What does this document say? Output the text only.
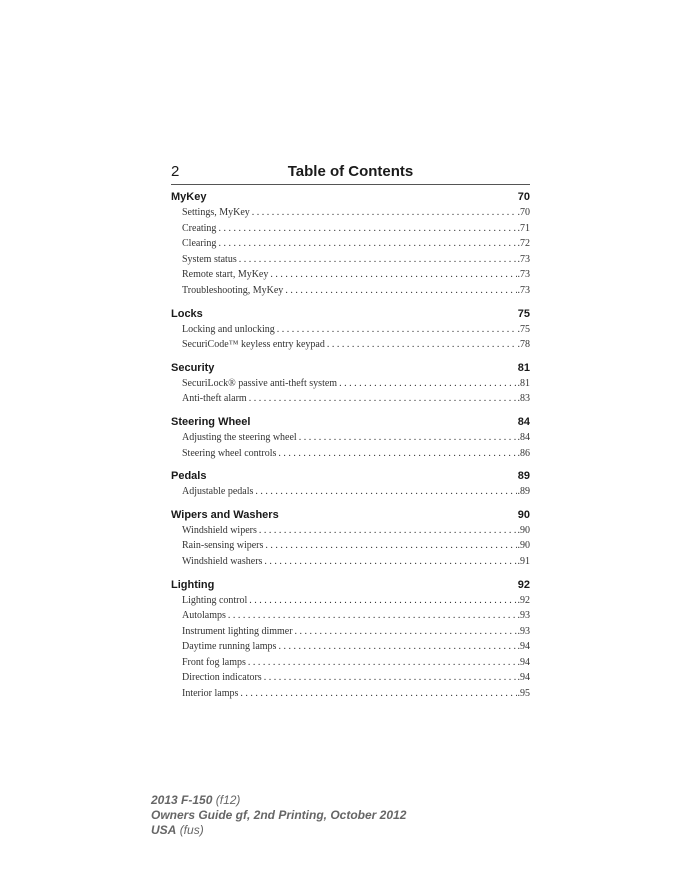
2	Table of Contents
MyKey	70
Settings, MyKey . . .	.70
Creating . . .	.71
Clearing . . .	.72
System status . . .	.73
Remote start, MyKey . . .	.73
Troubleshooting, MyKey . . .	.73
Locks	75
Locking and unlocking . . .	.75
SecuriCode™ keyless entry keypad . . .	.78
Security	81
SecuriLock® passive anti-theft system . . .	.81
Anti-theft alarm . . .	.83
Steering Wheel	84
Adjusting the steering wheel . . .	.84
Steering wheel controls . . .	.86
Pedals	89
Adjustable pedals . . .	.89
Wipers and Washers	90
Windshield wipers . . .	.90
Rain-sensing wipers . . .	.90
Windshield washers . . .	.91
Lighting	92
Lighting control . . .	.92
Autolamps . . .	.93
Instrument lighting dimmer . . .	.93
Daytime running lamps . . .	.94
Front fog lamps . . .	.94
Direction indicators . . .	.94
Interior lamps . . .	.95
2013 F-150 (f12)
Owners Guide gf, 2nd Printing, October 2012
USA (fus)
